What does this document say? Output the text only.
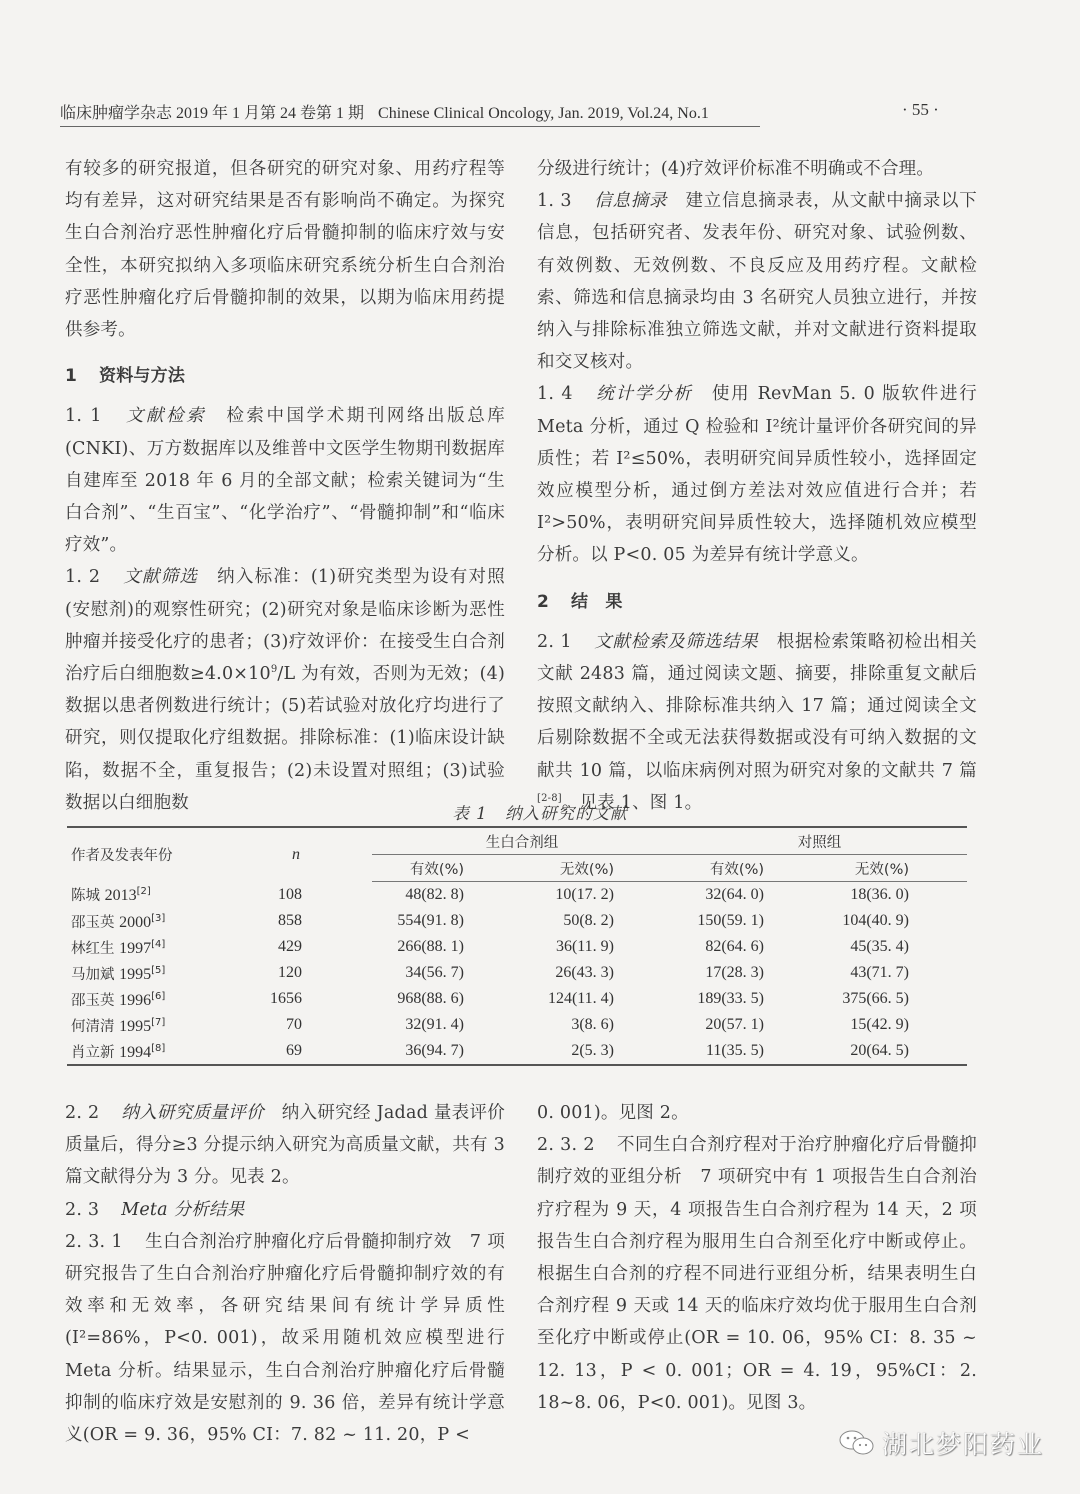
临床肿瘤学杂志 2019 年 1 月第 24 卷第 1 期 Chinese Clinical Oncology, Jan. 2019, Vol.24, No.1	· 55 ·

有较多的研究报道，但各研究的研究对象、用药疗程等均有差异，这对研究结果是否有影响尚不确定。为探究生白合剂治疗恶性肿瘤化疗后骨髓抑制的临床疗效与安全性，本研究拟纳入多项临床研究系统分析生白合剂治疗恶性肿瘤化疗后骨髓抑制的效果，以期为临床用药提供参考。

1 资料与方法

1. 1 文献检索　 检索中国学术期刊网络出版总库(CNKI)、万方数据库以及维普中文医学生物期刊数据库自建库至 2018 年 6 月的全部文献；检索关键词为“生白合剂”、“生百宝”、“化学治疗”、“骨髓抑制”和“临床疗效”。

1. 2 文献筛选　 纳入标准：(1)研究类型为设有对照(安慰剂)的观察性研究；(2)研究对象是临床诊断为恶性肿瘤并接受化疗的患者；(3)疗效评价：在接受生白合剂治疗后白细胞数$\ge 4.0\times 10^9/L$ 为有效，否则为无效；(4)数据以患者例数进行统计；(5)若试验对放化疗均进行了研究，则仅提取化疗组数据。排除标准：(1)临床设计缺陷，数据不全，重复报告；(2)未设置对照组；(3)试验数据以白细胞数

分级进行统计；(4)疗效评价标准不明确或不合理。

1. 3 信息摘录　 建立信息摘录表，从文献中摘录以下信息，包括研究者、发表年份、研究对象、试验例数、有效例数、无效例数、不良反应及用药疗程。文献检索、筛选和信息摘录均由 3 名研究人员独立进行，并按纳入与排除标准独立筛选文献，并对文献进行资料提取和交叉核对。

1. 4 统计学分析　 使用 RevMan 5. 0 版软件进行 Meta 分析，通过 Q 检验和 I²统计量评价各研究间的异质性；若 I²≤50%，表明研究间异质性较小，选择固定效应模型分析，通过倒方差法对效应值进行合并；若 I²>50%，表明研究间异质性较大，选择随机效应模型分析。以 P<0. 05 为差异有统计学意义。

2 结　果

2. 1 文献检索及筛选结果　 根据检索策略初检出相关文献 2483 篇，通过阅读文题、摘要，排除重复文献后按照文献纳入、排除标准共纳入 17 篇；通过阅读全文后剔除数据不全或无法获得数据或没有可纳入数据的文献共 10 篇，以临床病例对照为研究对象的文献共 7 篇[2-8]。见表 1、图 1。

表 1　纳入研究的文献
作者及发表年份	n	生白合剂组		对照组	
		有效(%)	无效(%)	有效(%)	无效(%)
陈城 2013[2]	108	48(82. 8)	10(17. 2)	32(64. 0)	18(36. 0)
邵玉英 2000[3]	858	554(91. 8)	50(8. 2)	150(59. 1)	104(40. 9)
林红生 1997[4]	429	266(88. 1)	36(11. 9)	82(64. 6)	45(35. 4)
马加斌 1995[5]	120	34(56. 7)	26(43. 3)	17(28. 3)	43(71. 7)
邵玉英 1996[6]	1656	968(88. 6)	124(11. 4)	189(33. 5)	375(66. 5)
何清清 1995[7]	70	32(91. 4)	3(8. 6)	20(57. 1)	15(42. 9)
肖立新 1994[8]	69	36(94. 7)	2(5. 3)	11(35. 5)	20(64. 5)

2. 2 纳入研究质量评价　 纳入研究经 Jadad 量表评价质量后，得分≥3 分提示纳入研究为高质量文献，共有 3 篇文献得分为 3 分。见表 2。

2. 3 Meta 分析结果

2. 3. 1 生白合剂治疗肿瘤化疗后骨髓抑制疗效　 7 项研究报告了生白合剂治疗肿瘤化疗后骨髓抑制疗效的有效率和无效率，各研究结果间有统计学异质性(I²=86%，P<0. 001)，故采用随机效应模型进行 Meta 分析。结果显示，生白合剂治疗肿瘤化疗后骨髓抑制的临床疗效是安慰剂的 9. 36 倍，差异有统计学意义(OR = 9. 36，95% CI：7. 82 ~ 11. 20，P <

0. 001)。见图 2。

2. 3. 2 不同生白合剂疗程对于治疗肿瘤化疗后骨髓抑制疗效的亚组分析　 7 项研究中有 1 项报告生白合剂治疗疗程为 9 天，4 项报告生白合剂疗程为 14 天，2 项报告生白合剂疗程为服用生白合剂至化疗中断或停止。根据生白合剂的疗程不同进行亚组分析，结果表明生白合剂疗程 9 天或 14 天的临床疗效均优于服用生白合剂至化疗中断或停止(OR = 10. 06，95% CI：8. 35 ~ 12. 13，P < 0. 001；OR = 4. 19，95%CI：2. 18~8. 06，P<0. 001)。见图 3。

湖北梦阳药业
